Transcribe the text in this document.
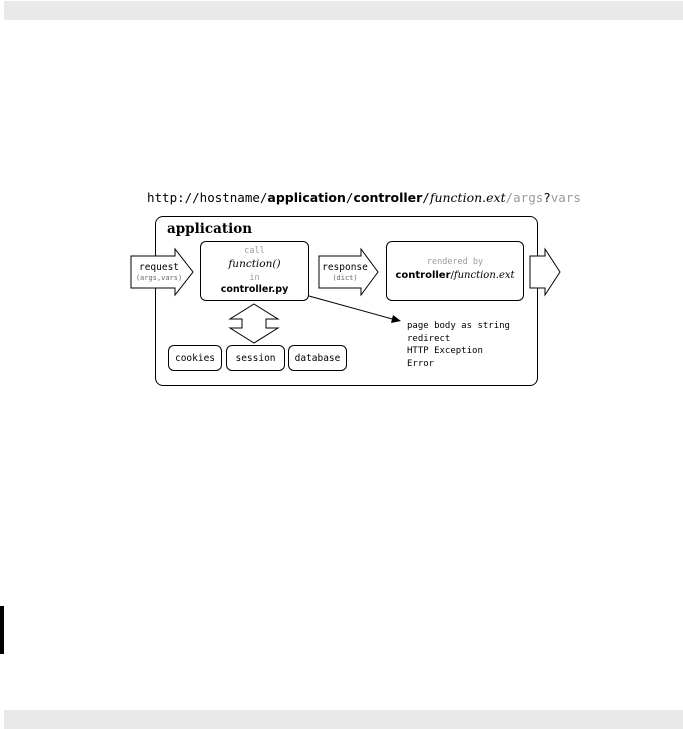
http://hostname/application/controller/function.ext/args?vars
application
request
(args,vars)
call
function()
in
controller.py
response
(dict)
rendered by
controller/function.ext
cookies	session	database
page body as string
redirect
HTTP Exception
Error
